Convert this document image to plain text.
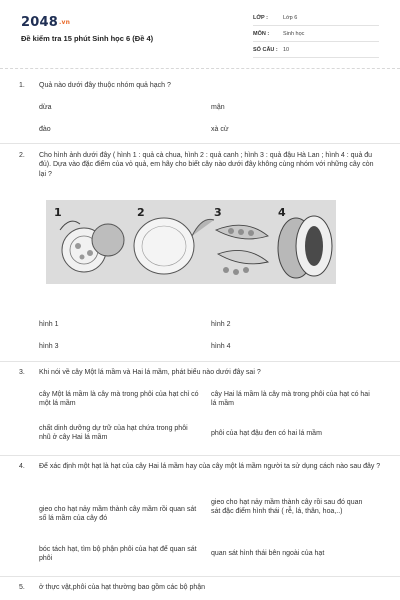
2048.vn
Đề kiểm tra 15 phút Sinh học 6 (Đề 4)
LỚP :	Lớp 6
MÔN :	Sinh học
SỐ CÂU : 10
1.	Quả nào dưới đây thuộc nhóm quả hạch ?
dừa	mận
đào	xà cừ
2.	Cho hình ảnh dưới đây ( hình 1 : quả cà chua, hình 2 : quả canh ; hình 3 : quả đậu Hà Lan ; hình 4 : quả đu đủ). Dựa vào đặc điểm của vỏ quả, em hãy cho biết cây nào dưới đây không cùng nhóm với những cây còn lại ?
1	2	3	4
hình 1	hình 2
hình 3	hình 4
3.	Khi nói về cây Một lá mầm và Hai lá mầm, phát biểu nào dưới đây sai ?
cây Một lá mầm là cây mà trong phôi của hạt chỉ có một lá mầm
cây Hai lá mầm là cây mà trong phôi của hạt có hai lá mầm
chất dinh dưỡng dự trữ của hạt chứa trong phôi nhũ ở cây Hai lá mầm
phôi của hạt đậu đen có hai lá mầm
4.	Để xác định một hạt là hạt của cây Hai lá mầm hay của cây một lá mầm người ta sử dụng cách nào sau đây ?
gieo cho hạt nảy mầm thành cây mầm rồi quan sát số lá mầm của cây đó
gieo cho hạt nảy mầm thành cây rồi sau đó quan sát đặc điểm hình thái ( rễ, lá, thân, hoa,..)
bóc tách hạt, tìm bộ phận phôi của hạt để quan sát phôi
quan sát hình thái bên ngoài của hạt
5.	ở thực vật,phôi của hạt thường bao gồm các bộ phận
